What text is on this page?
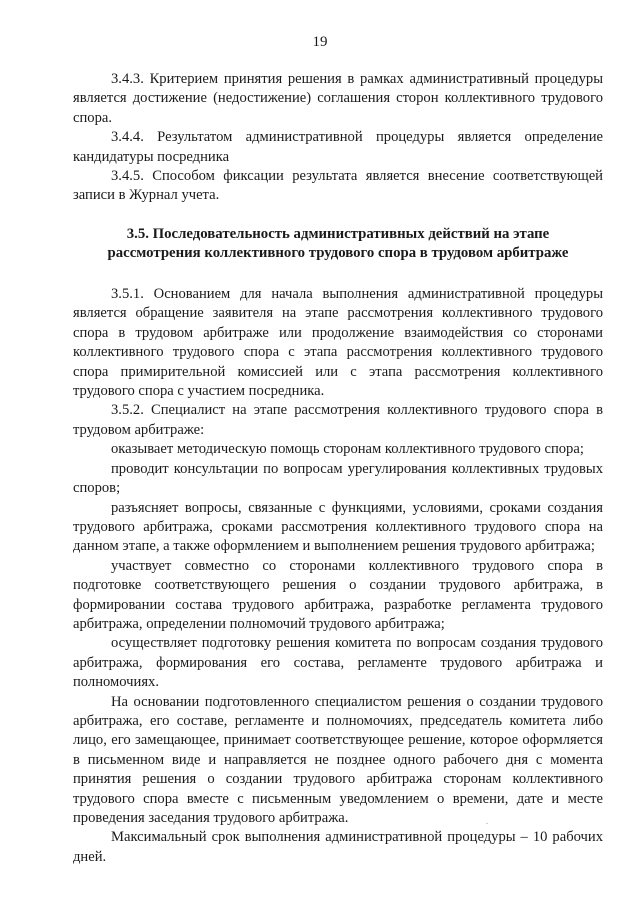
19

3.4.3. Критерием принятия решения в рамках административный процедуры является достижение (недостижение) соглашения сторон коллективного трудового спора.

3.4.4. Результатом административной процедуры является определение кандидатуры посредника

3.4.5. Способом фиксации результата является внесение соответствующей записи в Журнал учета.

3.5. Последовательность административных действий на этапе
рассмотрения коллективного трудового спора в трудовом арбитраже

3.5.1. Основанием для начала выполнения административной процедуры является обращение заявителя на этапе рассмотрения коллективного трудового спора в трудовом арбитраже или продолжение взаимодействия со сторонами коллективного трудового спора с этапа рассмотрения коллективного трудового спора примирительной комиссией или с этапа рассмотрения коллективного трудового спора с участием посредника.

3.5.2. Специалист на этапе рассмотрения коллективного трудового спора в трудовом арбитраже:

оказывает методическую помощь сторонам коллективного трудового спора;

проводит консультации по вопросам урегулирования коллективных трудовых споров;

разъясняет вопросы, связанные с функциями, условиями, сроками создания трудового арбитража, сроками рассмотрения коллективного трудового спора на данном этапе, а также оформлением и выполнением решения трудового арбитража;

участвует совместно со сторонами коллективного трудового спора в подготовке соответствующего решения о создании трудового арбитража, в формировании состава трудового арбитража, разработке регламента трудового арбитража, определении полномочий трудового арбитража;

осуществляет подготовку решения комитета по вопросам создания трудового арбитража, формирования его состава, регламенте трудового арбитража и полномочиях.

На основании подготовленного специалистом решения о создании трудового арбитража, его составе, регламенте и полномочиях, председатель комитета либо лицо, его замещающее, принимает соответствующее решение, которое оформляется в письменном виде и направляется не позднее одного рабочего дня с момента принятия решения о создании трудового арбитража сторонам коллективного трудового спора вместе с письменным уведомлением о времени, дате и месте проведения заседания трудового арбитража.

Максимальный срок выполнения административной процедуры – 10 рабочих дней.
